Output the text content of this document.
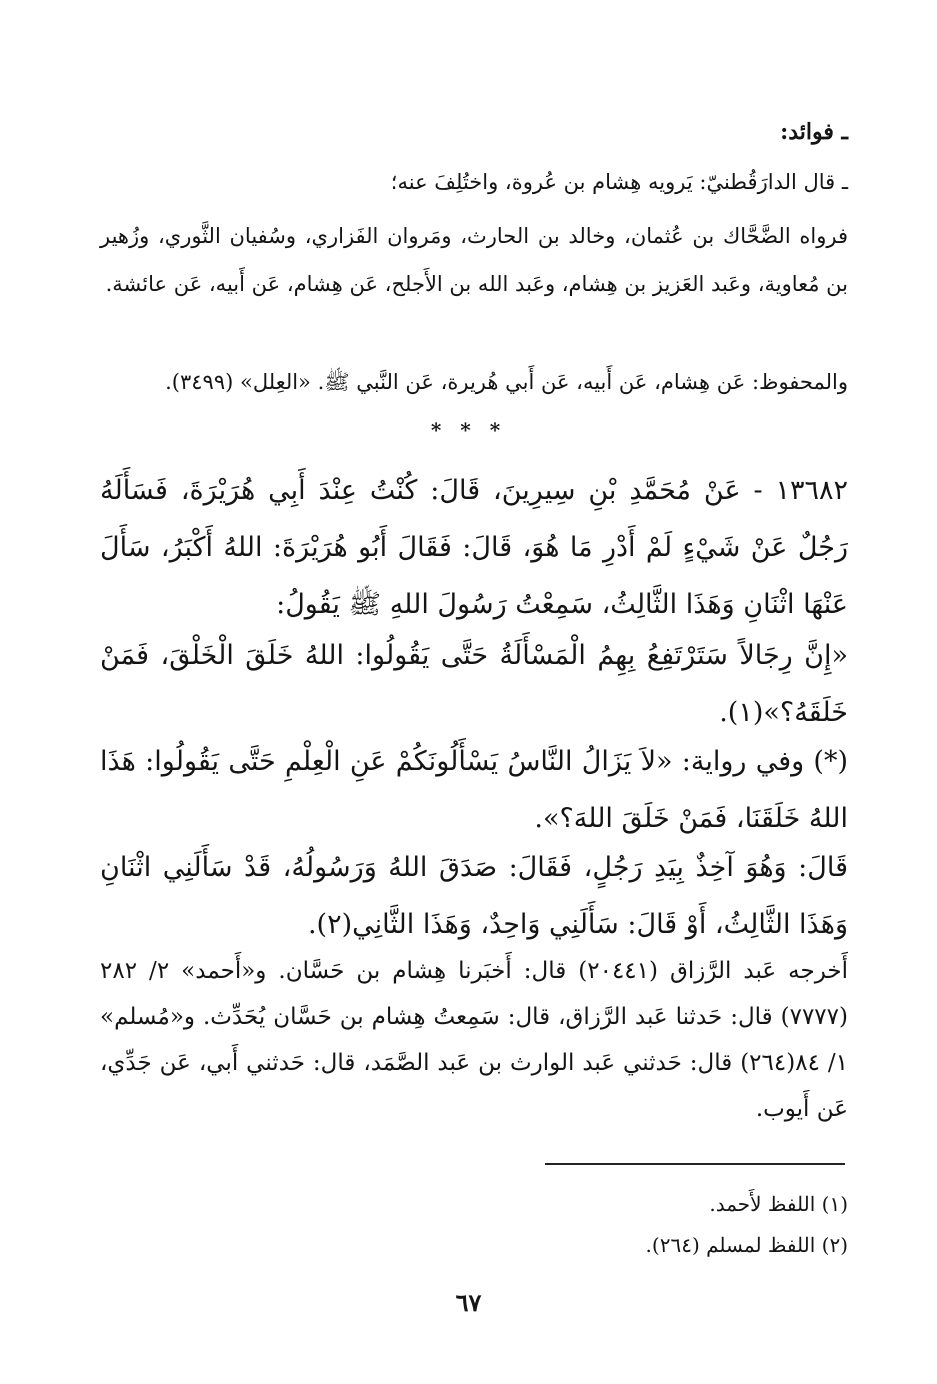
ـ فوائد:

ـ قال الدارَقُطنيّ: يَرويه هِشام بن عُروة، واختُلِفَ عنه؛

فرواه الضَّحَّاك بن عُثمان، وخالد بن الحارث، ومَروان الفَزاري، وسُفيان الثَّوري، وزُهير بن مُعاوية، وعَبد العَزيز بن هِشام، وعَبد الله بن الأَجلح، عَن هِشام، عَن أَبيه، عَن عائشة.

والمحفوظ: عَن هِشام، عَن أَبيه، عَن أَبي هُريرة، عَن النَّبي ﷺ. «العِلل» (٣٤٩٩).

* * *

١٣٦٨٢ - عَنْ مُحَمَّدِ بْنِ سِيرِينَ، قَالَ: كُنْتُ عِنْدَ أَبِي هُرَيْرَةَ، فَسَأَلَهُ رَجُلٌ عَنْ شَيْءٍ لَمْ أَدْرِ مَا هُوَ، قَالَ: فَقَالَ أَبُو هُرَيْرَةَ: اللهُ أَكْبَرُ، سَأَلَ عَنْهَا اثْنَانِ وَهَذَا الثَّالِثُ، سَمِعْتُ رَسُولَ اللهِ ﷺ يَقُولُ:

«إِنَّ رِجَالاً سَتَرْتَفِعُ بِهِمُ الْمَسْأَلَةُ حَتَّى يَقُولُوا: اللهُ خَلَقَ الْخَلْقَ، فَمَنْ خَلَقَهُ؟»(١).

(*) وفي رواية: «لاَ يَزَالُ النَّاسُ يَسْأَلُونَكُمْ عَنِ الْعِلْمِ حَتَّى يَقُولُوا: هَذَا اللهُ خَلَقَنَا، فَمَنْ خَلَقَ اللهَ؟».

قَالَ: وَهُوَ آخِذٌ بِيَدِ رَجُلٍ، فَقَالَ: صَدَقَ اللهُ وَرَسُولُهُ، قَدْ سَأَلَنِي اثْنَانِ وَهَذَا الثَّالِثُ، أَوْ قَالَ: سَأَلَنِي وَاحِدٌ، وَهَذَا الثَّانِي(٢).

أَخرجه عَبد الرَّزاق (٢٠٤٤١) قال: أَخبَرنا هِشام بن حَسَّان. و«أَحمد» ٢/ ٢٨٢ (٧٧٧٧) قال: حَدثنا عَبد الرَّزاق، قال: سَمِعتُ هِشام بن حَسَّان يُحَدِّث. و«مُسلم» ١/ ٨٤(٢٦٤) قال: حَدثني عَبد الوارث بن عَبد الصَّمَد، قال: حَدثني أَبي، عَن جَدِّي، عَن أَيوب.

(١) اللفظ لأَحمد.

(٢) اللفظ لمسلم (٢٦٤).

٦٧
